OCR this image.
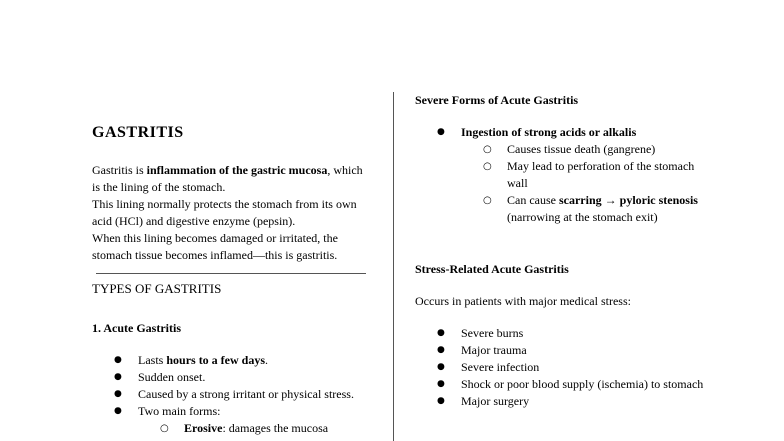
GASTRITIS

Gastritis is inflammation of the gastric mucosa, which is the lining of the stomach.

This lining normally protects the stomach from its own acid (HCl) and digestive enzyme (pepsin).

When this lining becomes damaged or irritated, the stomach tissue becomes inflamed—this is gastritis.

TYPES OF GASTRITIS
1. Acute Gastritis
● Lasts hours to a few days.
● Sudden onset.
● Caused by a strong irritant or physical stress.
● Two main forms:
○ Erosive: damages the mucosa
Severe Forms of Acute Gastritis
● Ingestion of strong acids or alkalis
○ Causes tissue death (gangrene)
○ May lead to perforation of the stomach wall
○ Can cause scarring → pyloric stenosis (narrowing at the stomach exit)
Stress-Related Acute Gastritis
Occurs in patients with major medical stress:
● Severe burns
● Major trauma
● Severe infection
● Shock or poor blood supply (ischemia) to stomach
● Major surgery
